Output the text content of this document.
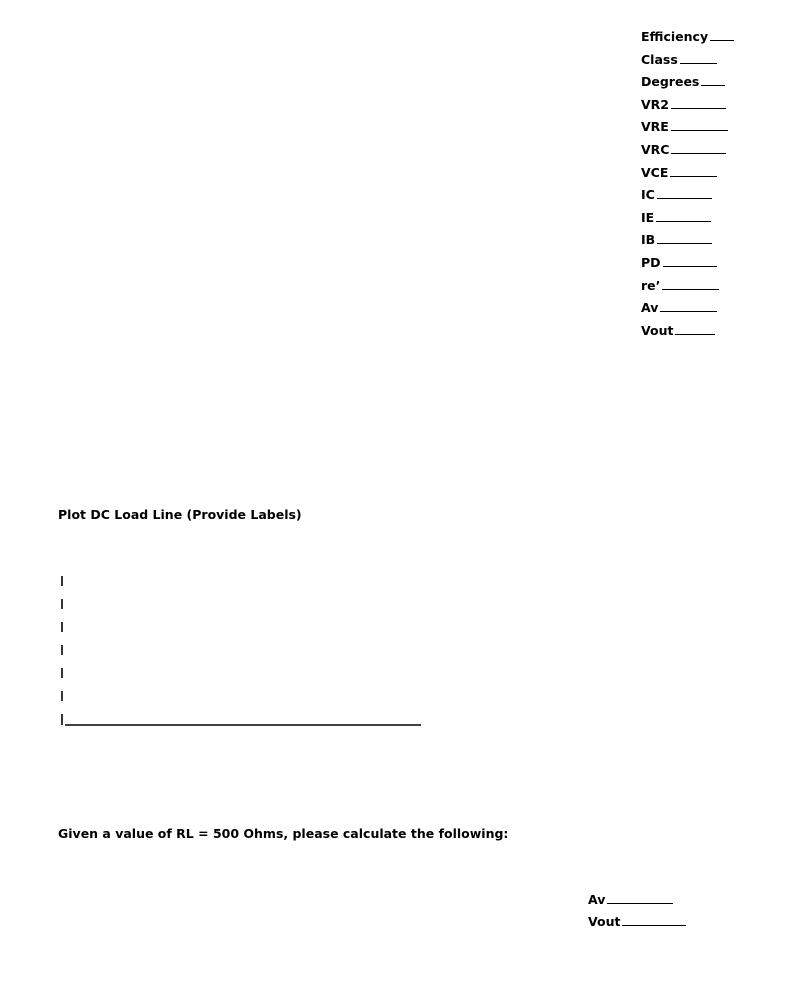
Efficiency
Class
Degrees
VR2
VRE
VRC
VCE
IC
IE
IB
PD
re’
Av
Vout
Plot DC Load Line (Provide Labels)
Given a value of RL = 500 Ohms, please calculate the following:
Av
Vout
